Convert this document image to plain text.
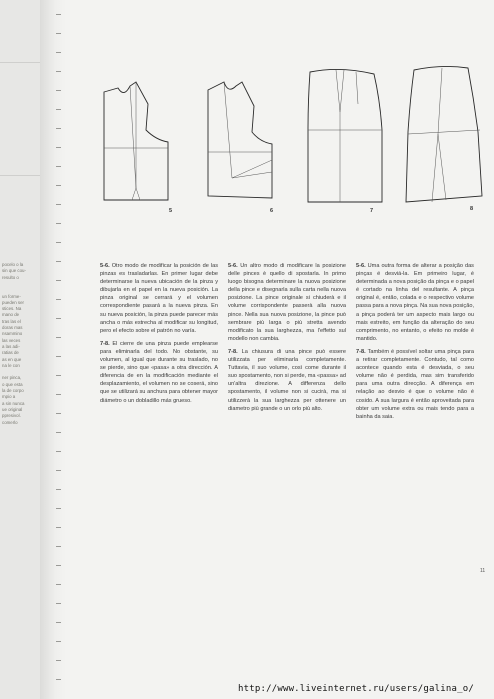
pocelo o la
sin que cou-
resulto o
un forme-
pueden ser
stices. Na
mano de
tras las el
doras mas
nsammino
las veces
a las adi-
ratias de
as en que
na le con
ner pinca,
o que esta
la de corpo
mpio a
a sin nunca
ue original
ppresivol.
comerlo
5	6	7	8

5-6. Otro modo de modificar la posición de las pinzas es trasladarlas. En primer lugar debe determinarse la nueva ubicación de la pinza y dibujarla en el papel en la nueva posición. La pinza original se cerrará y el volumen correspondiente pasará a la nueva pinza. En su nueva posición, la pinza puede parecer más ancha o más estrecha al modificar su longitud, pero el efecto sobre el patrón no varía.

7-8. El cierre de una pinza puede emplearse para eliminarla del todo. No obstante, su volumen, al igual que durante su traslado, no se pierde, sino que «pasa» a otra dirección. A diferencia de en la modificación mediante el desplazamiento, el volumen no se coserá, sino que se utilizará su anchura para obtener mayor diámetro o un dobladillo más grueso.

5-6. Un altro modo di modificare la posizione delle pinces è quello di spostarla. In primo luogo bisogna determinare la nuova posizione della pince e disegnarla sulla carta nella nuova posizione. La pince originale si chiuderà e il volume corrispondente passerà alla nuova pince. Nella sua nuova posizione, la pince può sembrare più larga o più stretta avendo modificato la sua larghezza, ma l'effetto sul modello non cambia.

7-8. La chiusura di una pince può essere utilizzata per eliminarla completamente. Tuttavia, il suo volume, così come durante il suo spostamento, non si perde, ma «passa» ad un'altra direzione. A differenza dello spostamento, il volume non si cucirà, ma si utilizzerà la sua larghezza per ottenere un diametro più grande o un orlo più alto.

5-6. Uma outra forma de alterar a posição das pinças é desviá-la. Em primeiro lugar, é determinada a nova posição da pinça e o papel é cortado na linha del resultante. A pinça original é, então, colada e o respectivo volume passa para a nova pinça. Na sua nova posição, a pinça poderá ter um aspecto mais largo ou mais estreito, em função da alteração do seu comprimento, no entanto, o efeito no molde é mantido.

7-8. Também é possível soltar uma pinça para a retirar completamente. Contudo, tal como acontece quando esta é desviada, o seu volume não é perdida, mas sim transferido para uma outra direcção. A diferença em relação ao desvio é que o volume não é cosido. A sua largura é então aproveitada para obter um volume extra ou mais tendo para a bainha da saia.

11
http://www.liveinternet.ru/users/galina_o/
